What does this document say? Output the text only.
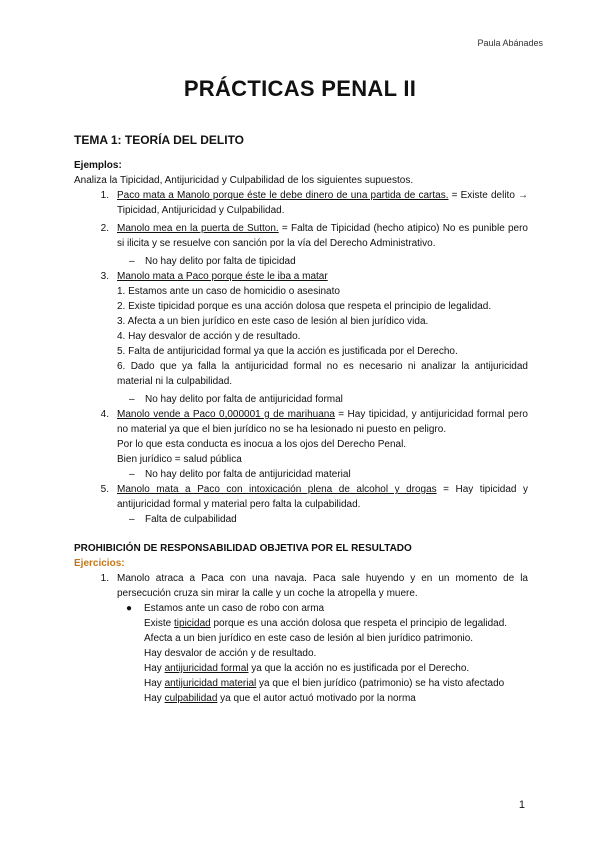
Paula Abánades
PRÁCTICAS PENAL II
TEMA 1: TEORÍA DEL DELITO

Ejemplos:

Analiza la Tipicidad, Antijuricidad y Culpabilidad de los siguientes supuestos.

1. Paco mata a Manolo porque éste le debe dinero de una partida de cartas. = Existe delito → Tipicidad, Antijuricidad y Culpabilidad.
2. Manolo mea en la puerta de Sutton. = Falta de Tipicidad (hecho atipico) No es punible pero si ilicita y se resuelve con sanción por la vía del Derecho Administrativo.
–	No hay delito por falta de tipicidad
3. Manolo mata a Paco porque éste le iba a matar

1. Estamos ante un caso de homicidio o asesinato

2. Existe tipicidad porque es una acción dolosa que respeta el principio de legalidad.

3. Afecta a un bien jurídico en este caso de lesión al bien jurídico vida.

4. Hay desvalor de acción y de resultado.

5. Falta de antijuricidad formal ya que la acción es justificada por el Derecho.

6. Dado que ya falla la antijuricidad formal no es necesario ni analizar la antijuricidad material ni la culpabilidad.

–	No hay delito por falta de antijuricidad formal
4. Manolo vende a Paco 0,000001 g de marihuana = Hay tipicidad, y antijuricidad formal pero no material ya que el bien jurídico no se ha lesionado ni puesto en peligro.

Por lo que esta conducta es inocua a los ojos del Derecho Penal.

Bien jurídico = salud pública

–	No hay delito por falta de antijuricidad material
5. Manolo mata a Paco con intoxicación plena de alcohol y drogas = Hay tipicidad y antijuricidad formal y material pero falta la culpabilidad.
–	Falta de culpabilidad

PROHIBICIÓN DE RESPONSABILIDAD OBJETIVA POR EL RESULTADO

Ejercicios:

1. Manolo atraca a Paca con una navaja. Paca sale huyendo y en un momento de la persecución cruza sin mirar la calle y un coche la atropella y muere.
●	Estamos ante un caso de robo con arma

Existe tipicidad porque es una acción dolosa que respeta el principio de legalidad.

Afecta a un bien jurídico en este caso de lesión al bien jurídico patrimonio.

Hay desvalor de acción y de resultado.

Hay antijuricidad formal ya que la acción no es justificada por el Derecho.

Hay antijuricidad material ya que el bien jurídico (patrimonio) se ha visto afectado

Hay culpabilidad ya que el autor actuó motivado por la norma

1
